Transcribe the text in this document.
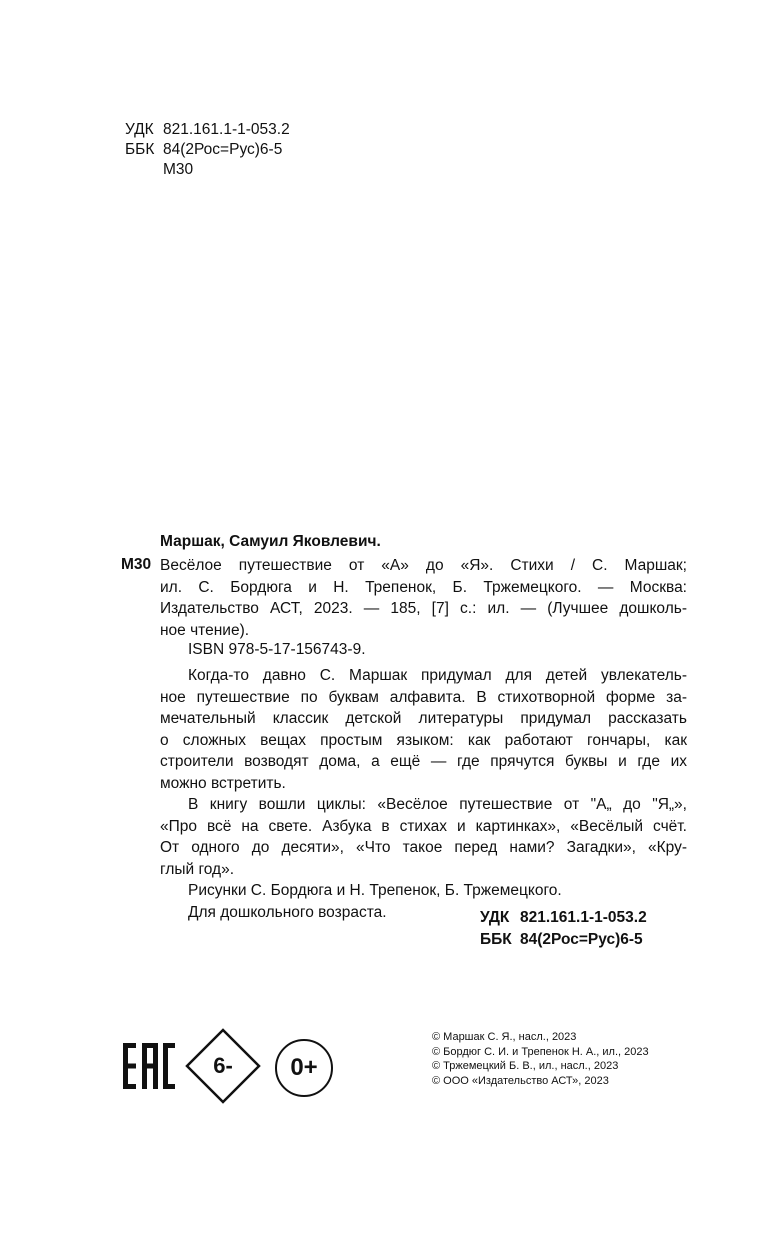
УДК 821.161.1-1-053.2
ББК 84(2Рос=Рус)6-5
М30
Маршак, Самуил Яковлевич.
М30 Весёлое путешествие от «А» до «Я». Стихи / С. Маршак;
ил. С. Бордюга и Н. Трепенок, Б. Тржемецкого. — Москва:
Издательство АСТ, 2023. — 185, [7] с.: ил. — (Лучшее дошколь-
ное чтение).
ISBN 978-5-17-156743-9.
Когда-то давно С. Маршак придумал для детей увлекатель-
ное путешествие по буквам алфавита. В стихотворной форме за-
мечательный классик детской литературы придумал рассказать
о сложных вещах простым языком: как работают гончары, как
строители возводят дома, а ещё — где прячутся буквы и где их
можно встретить.
В книгу вошли циклы: «Весёлое путешествие от "А„ до "Я„»,
«Про всё на свете. Азбука в стихах и картинках», «Весёлый счёт.
От одного до десяти», «Что такое перед нами? Загадки», «Кру-
глый год».
Рисунки С. Бордюга и Н. Трепенок, Б. Тржемецкого.
Для дошкольного возраста.	УДК 821.161.1-1-053.2
ББК 84(2Рос=Рус)6-5
6- 0+
© Маршак С. Я., насл., 2023
© Бордюг С. И. и Трепенок Н. А., ил., 2023
© Тржемецкий Б. В., ил., насл., 2023
© ООО «Издательство АСТ», 2023
